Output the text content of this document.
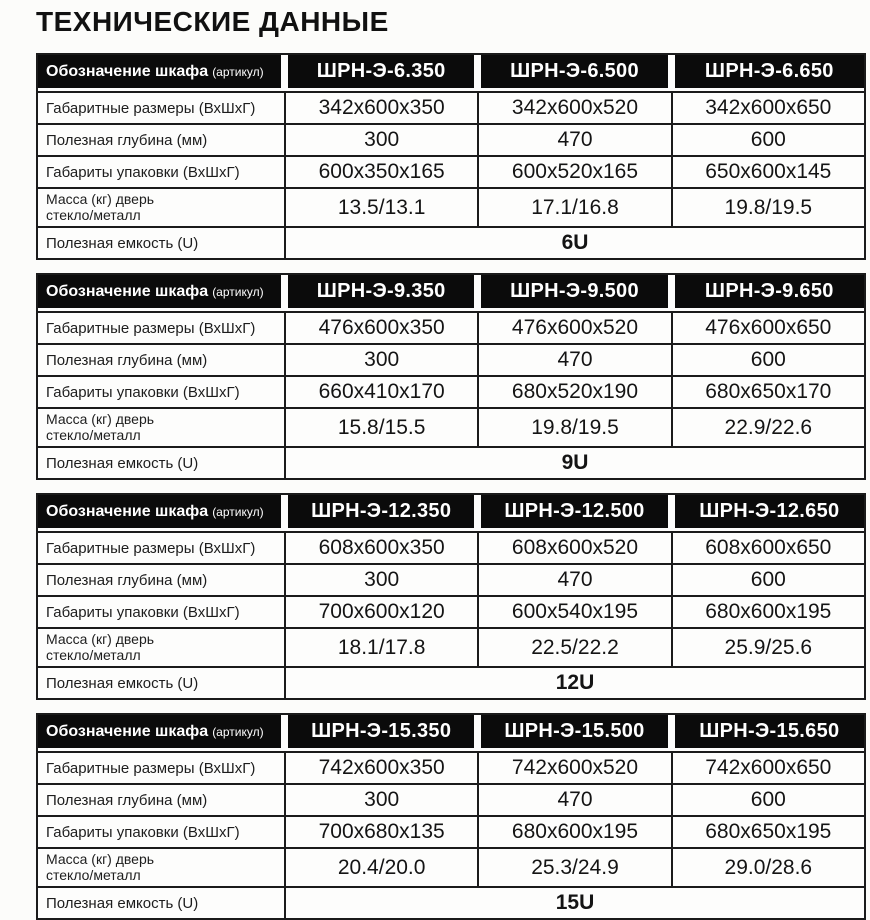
ТЕХНИЧЕСКИЕ ДАННЫЕ
Обозначение шкафа (артикул)	ШРН-Э-6.350	ШРН-Э-6.500	ШРН-Э-6.650
Габаритные размеры (ВхШхГ)	342x600x350	342x600x520	342x600x650
Полезная глубина (мм)	300	470	600
Габариты упаковки (ВхШхГ)	600x350x165	600x520x165	650x600x145
Масса (кг) дверь
стекло/металл	13.5/13.1	17.1/16.8	19.8/19.5
Полезная емкость (U)	6U
Обозначение шкафа (артикул)	ШРН-Э-9.350	ШРН-Э-9.500	ШРН-Э-9.650
Габаритные размеры (ВхШхГ)	476x600x350	476x600x520	476x600x650
Полезная глубина (мм)	300	470	600
Габариты упаковки (ВхШхГ)	660x410x170	680x520x190	680x650x170
Масса (кг) дверь
стекло/металл	15.8/15.5	19.8/19.5	22.9/22.6
Полезная емкость (U)	9U
Обозначение шкафа (артикул)	ШРН-Э-12.350	ШРН-Э-12.500	ШРН-Э-12.650
Габаритные размеры (ВхШхГ)	608x600x350	608x600x520	608x600x650
Полезная глубина (мм)	300	470	600
Габариты упаковки (ВхШхГ)	700x600x120	600x540x195	680x600x195
Масса (кг) дверь
стекло/металл	18.1/17.8	22.5/22.2	25.9/25.6
Полезная емкость (U)	12U
Обозначение шкафа (артикул)	ШРН-Э-15.350	ШРН-Э-15.500	ШРН-Э-15.650
Габаритные размеры (ВхШхГ)	742x600x350	742x600x520	742x600x650
Полезная глубина (мм)	300	470	600
Габариты упаковки (ВхШхГ)	700x680x135	680x600x195	680x650x195
Масса (кг) дверь
стекло/металл	20.4/20.0	25.3/24.9	29.0/28.6
Полезная емкость (U)	15U
